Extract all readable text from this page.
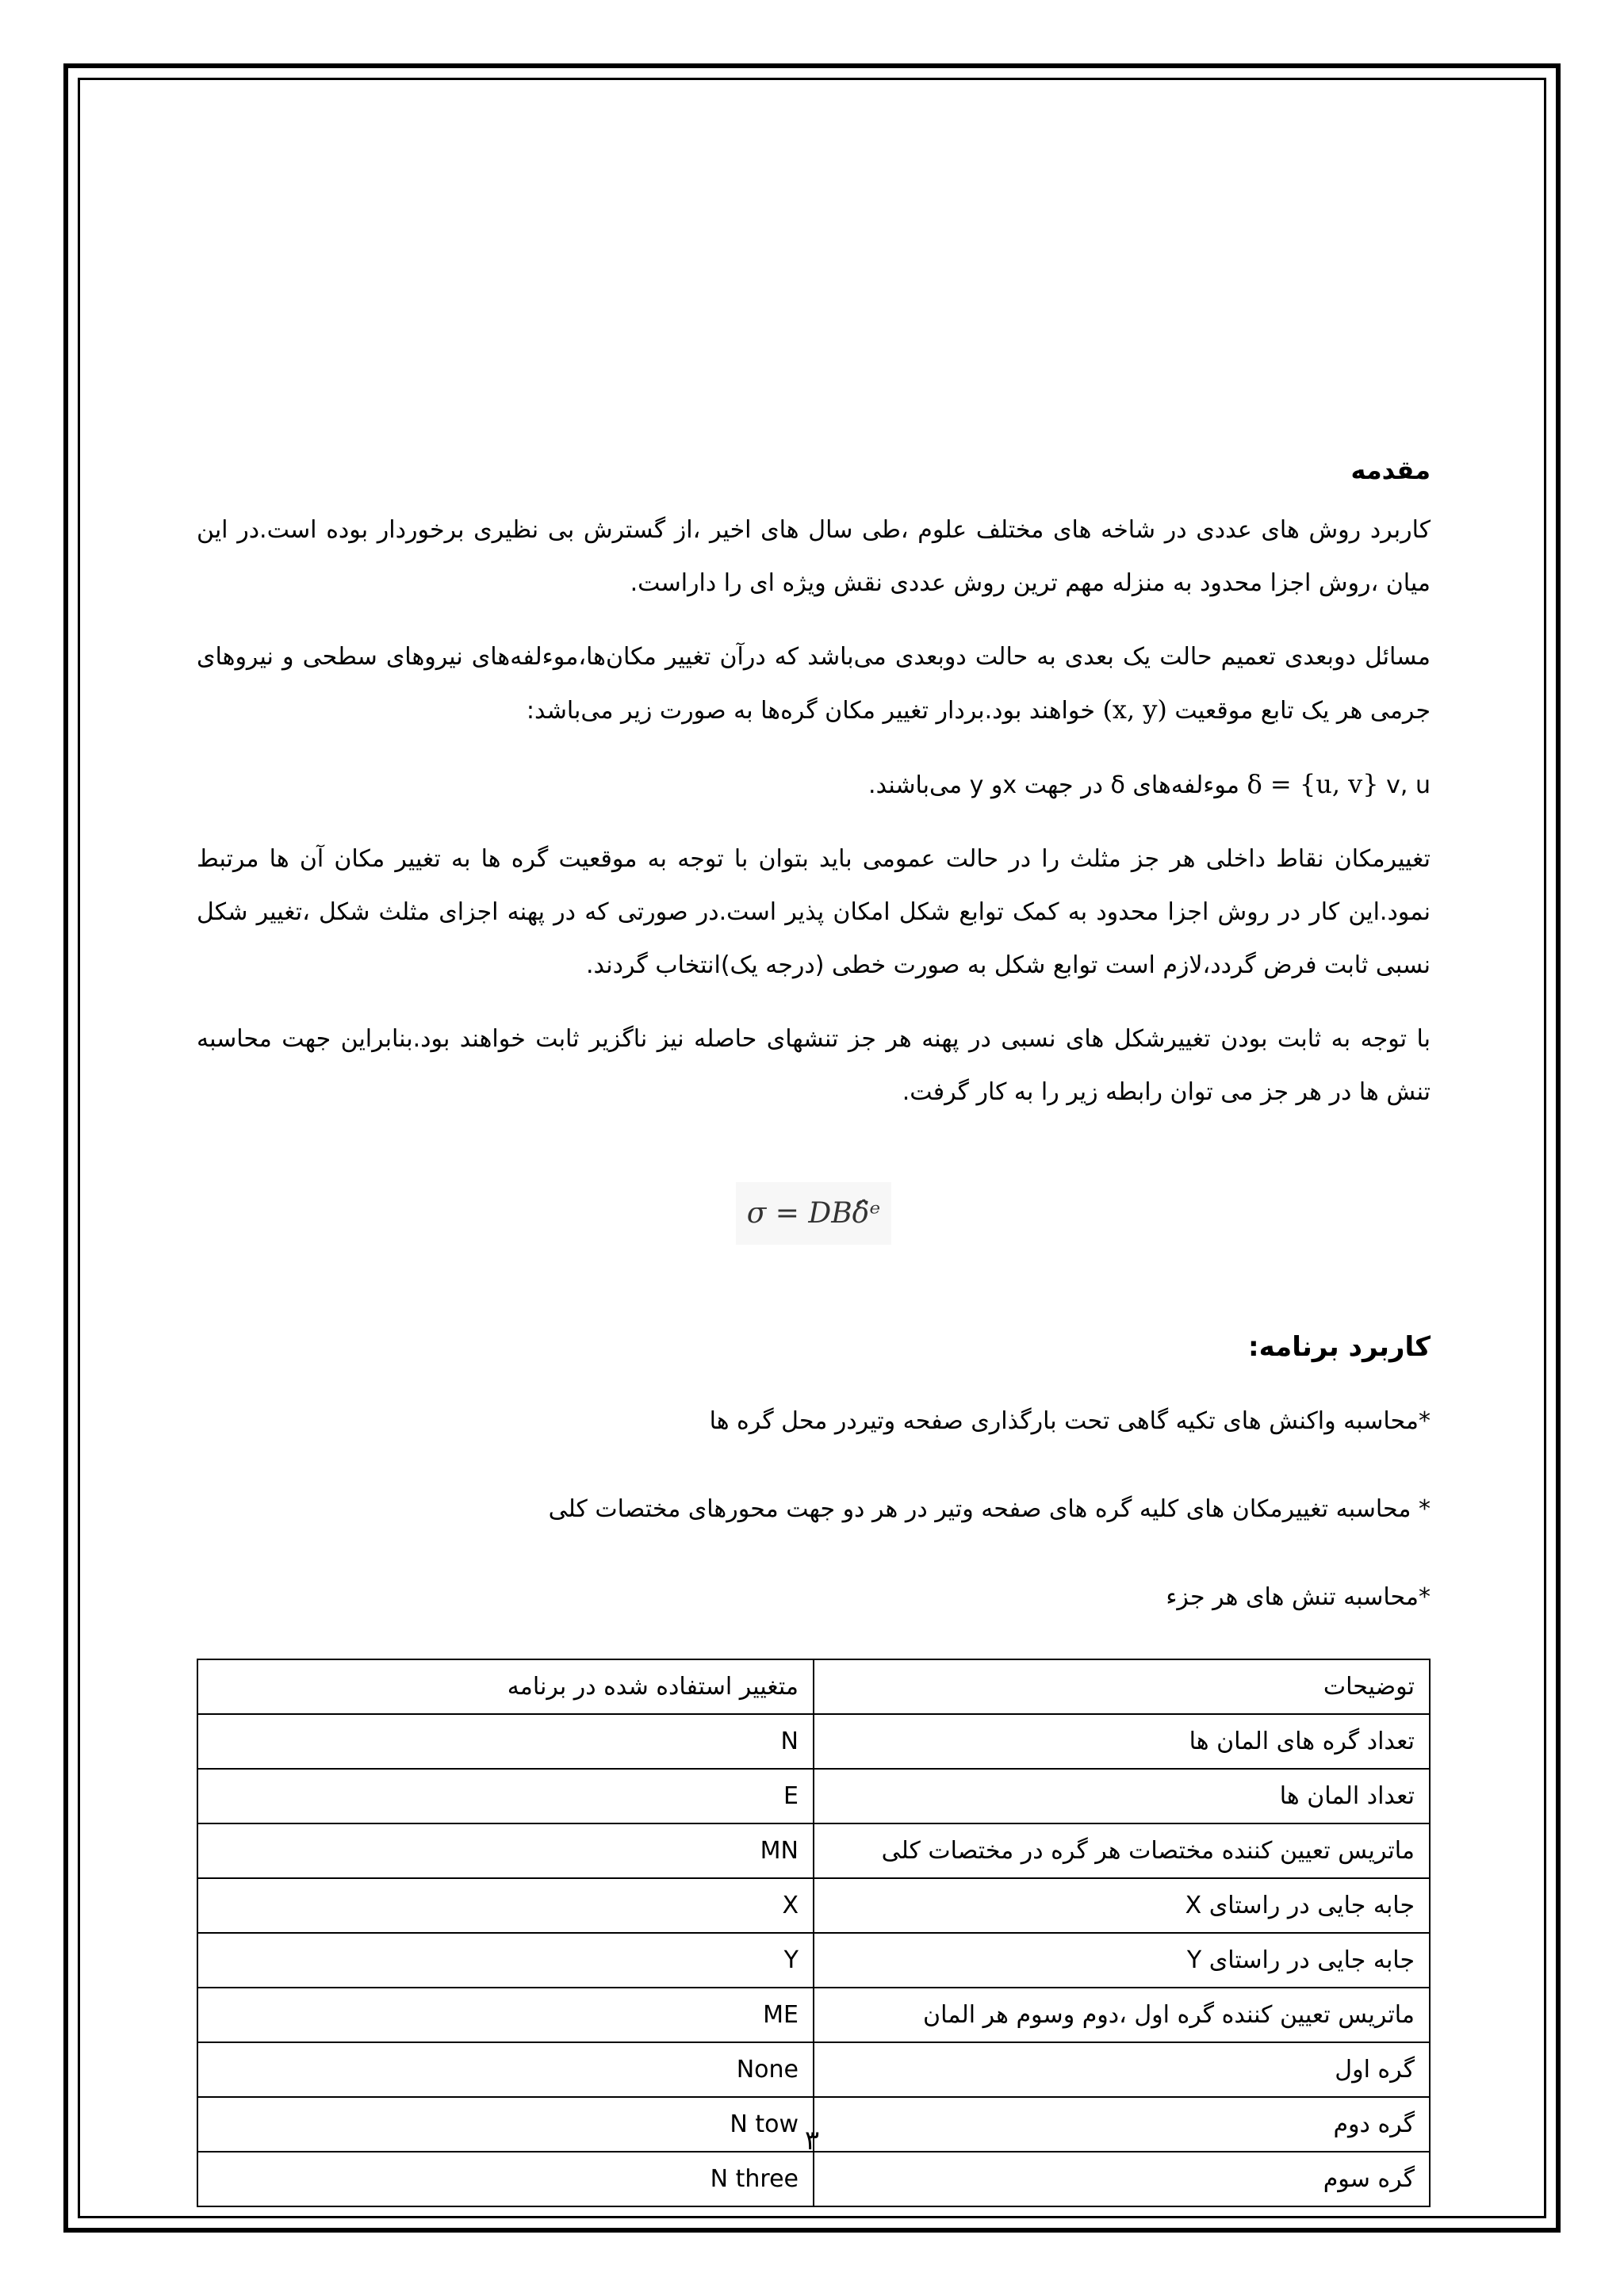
مقدمه

کاربرد روش های عددی در شاخه های مختلف علوم ،طی سال های اخیر ،از گسترش بی نظیری برخوردار بوده است.در این میان ،روش اجزا محدود به منزله مهم ترین روش عددی نقش ویژه ای را داراست.

مسائل دوبعدی تعمیم حالت یک بعدی به حالت دوبعدی می‌باشد که درآن تغییر مکان‌ها،موءلفه‌های نیروهای سطحی و نیروهای جرمی هر یک تابع موقعیت (x, y) خواهند بود.بردار تغییر مکان گره‌ها به صورت زیر می‌باشد:

δ = {u, v} v, u موءلفه‌های δ در جهت xو y می‌باشند.

تغییرمکان نقاط داخلی هر جز مثلث را در حالت عمومی باید بتوان با توجه به موقعیت گره ها به تغییر مکان آن ها مرتبط نمود.این کار در روش اجزا محدود به کمک توابع شکل امکان پذیر است.در صورتی که در پهنه اجزای مثلث شکل ،تغییر شکل نسبی ثابت فرض گردد،لازم است توابع شکل به صورت خطی (درجه یک)انتخاب گردند.

با توجه به ثابت بودن تغییرشکل های نسبی در پهنه هر جز تنشهای حاصله نیز ناگزیر ثابت خواهند بود.بنابراین جهت محاسبه تنش ها در هر جز می توان رابطه زیر را به کار گرفت.

σ = DBδ̂ᵉ
کاربرد برنامه:

*محاسبه واکنش های تکیه گاهی تحت بارگذاری صفحه وتیردر محل گره ها

* محاسبه تغییرمکان های کلیه گره های صفحه وتیر در هر دو جهت محورهای مختصات کلی

*محاسبه تنش های هر جزء

توضیحات	متغییر استفاده شده در برنامه
تعداد گره های المان ها	N
تعداد المان ها	E
ماتریس تعیین کننده مختصات هر گره در مختصات کلی	MN
جابه جایی در راستای X	X
جابه جایی در راستای Y	Y
ماتریس تعیین کننده گره اول ،دوم وسوم هر المان	ME
گره اول	None
گره دوم	N tow
گره سوم	N three
۳
